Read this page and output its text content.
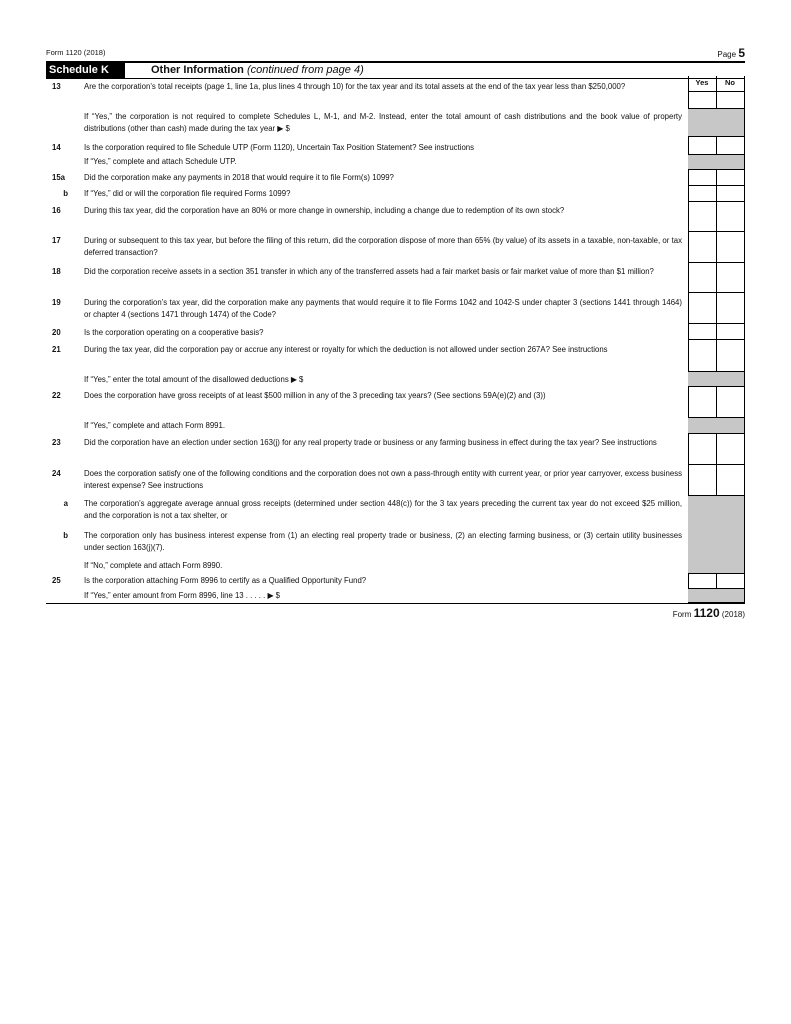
Form 1120 (2018)	Page 5
Schedule K	Other Information (continued from page 4)
13	Are the corporation’s total receipts (page 1, line 1a, plus lines 4 through 10) for the tax year and its total assets at the end of the tax year less than $250,000?
If “Yes,” the corporation is not required to complete Schedules L, M-1, and M-2. Instead, enter the total amount of cash distributions and the book value of property distributions (other than cash) made during the tax year ▶ $
14	Is the corporation required to file Schedule UTP (Form 1120), Uncertain Tax Position Statement? See instructions
If “Yes,” complete and attach Schedule UTP.
15a	Did the corporation make any payments in 2018 that would require it to file Form(s) 1099?
b If “Yes,” did or will the corporation file required Forms 1099?
16	During this tax year, did the corporation have an 80% or more change in ownership, including a change due to redemption of its own stock?
17	During or subsequent to this tax year, but before the filing of this return, did the corporation dispose of more than 65% (by value) of its assets in a taxable, non-taxable, or tax deferred transaction?
18	Did the corporation receive assets in a section 351 transfer in which any of the transferred assets had a fair market basis or fair market value of more than $1 million?
19	During the corporation’s tax year, did the corporation make any payments that would require it to file Forms 1042 and 1042-S under chapter 3 (sections 1441 through 1464) or chapter 4 (sections 1471 through 1474) of the Code?
20	Is the corporation operating on a cooperative basis?
21	During the tax year, did the corporation pay or accrue any interest or royalty for which the deduction is not allowed under section 267A? See instructions
If “Yes,” enter the total amount of the disallowed deductions ▶ $
22	Does the corporation have gross receipts of at least $500 million in any of the 3 preceding tax years? (See sections 59A(e)(2) and (3))
If “Yes,” complete and attach Form 8991.
23	Did the corporation have an election under section 163(j) for any real property trade or business or any farming business in effect during the tax year? See instructions
24	Does the corporation satisfy one of the following conditions and the corporation does not own a pass-through entity with current year, or prior year carryover, excess business interest expense? See instructions
a The corporation’s aggregate average annual gross receipts (determined under section 448(c)) for the 3 tax years preceding the current tax year do not exceed $25 million, and the corporation is not a tax shelter, or
b The corporation only has business interest expense from (1) an electing real property trade or business, (2) an electing farming business, or (3) certain utility businesses under section 163(j)(7).
If “No,” complete and attach Form 8990.
25	Is the corporation attaching Form 8996 to certify as a Qualified Opportunity Fund?
If “Yes,” enter amount from Form 8996, line 13 . . . . . ▶ $
Yes	No
Form 1120 (2018)
